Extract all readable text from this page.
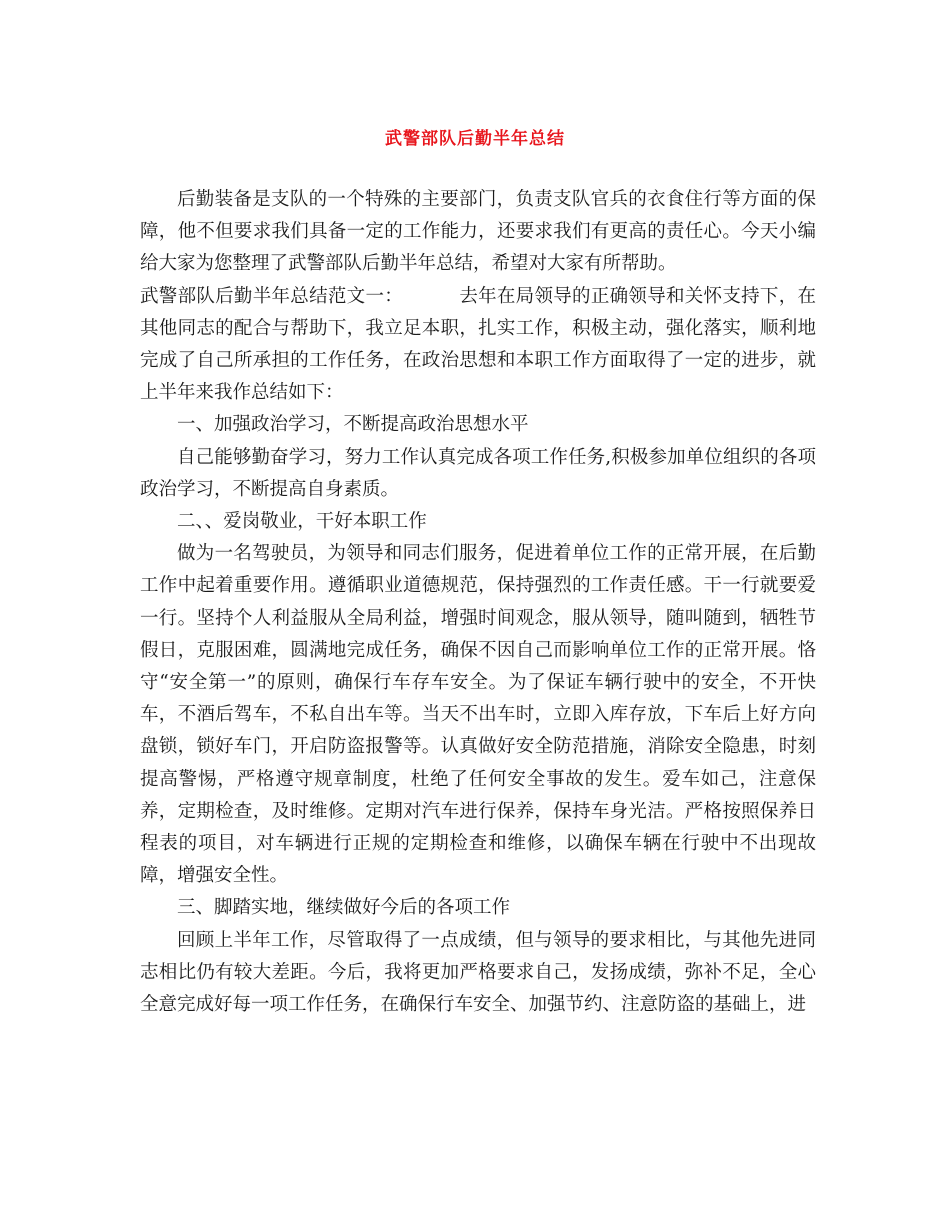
武警部队后勤半年总结

后勤装备是支队的一个特殊的主要部门，负责支队官兵的衣食住行等方面的保障，他不但要求我们具备一定的工作能力，还要求我们有更高的责任心。今天小编给大家为您整理了武警部队后勤半年总结，希望对大家有所帮助。

武警部队后勤半年总结范文一：	去年在局领导的正确领导和关怀支持下，在其他同志的配合与帮助下，我立足本职，扎实工作，积极主动，强化落实，顺利地完成了自己所承担的工作任务，在政治思想和本职工作方面取得了一定的进步，就上半年来我作总结如下：

一、加强政治学习，不断提高政治思想水平

自己能够勤奋学习，努力工作认真完成各项工作任务,积极参加单位组织的各项政治学习，不断提高自身素质。

二、、爱岗敬业，干好本职工作

做为一名驾驶员，为领导和同志们服务，促进着单位工作的正常开展，在后勤工作中起着重要作用。遵循职业道德规范，保持强烈的工作责任感。干一行就要爱一行。坚持个人利益服从全局利益，增强时间观念，服从领导，随叫随到，牺牲节假日，克服困难，圆满地完成任务，确保不因自己而影响单位工作的正常开展。恪守“安全第一”的原则，确保行车存车安全。为了保证车辆行驶中的安全，不开快车，不酒后驾车，不私自出车等。当天不出车时，立即入库存放，下车后上好方向盘锁，锁好车门，开启防盗报警等。认真做好安全防范措施，消除安全隐患，时刻提高警惕，严格遵守规章制度，杜绝了任何安全事故的发生。爱车如己，注意保养，定期检查，及时维修。定期对汽车进行保养，保持车身光洁。严格按照保养日程表的项目，对车辆进行正规的定期检查和维修，以确保车辆在行驶中不出现故障，增强安全性。

三、脚踏实地，继续做好今后的各项工作

回顾上半年工作，尽管取得了一点成绩，但与领导的要求相比，与其他先进同志相比仍有较大差距。今后，我将更加严格要求自己，发扬成绩，弥补不足，全心全意完成好每一项工作任务，在确保行车安全、加强节约、注意防盗的基础上，进
